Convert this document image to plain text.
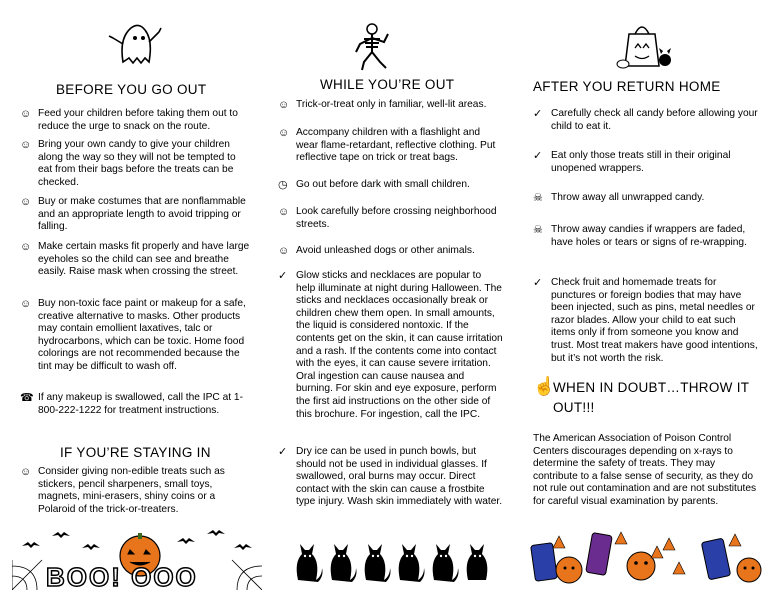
BEFORE YOU GO OUT
☺ Feed your children before taking them out to reduce the urge to snack on the route.
☺ Bring your own candy to give your children along the way so they will not be tempted to eat from their bags before the treats can be checked.
☺ Buy or make costumes that are nonflammable and an appropriate length to avoid tripping or falling.
☺ Make certain masks fit properly and have large eyeholes so the child can see and breathe easily. Raise mask when crossing the street.
☺ Buy non-toxic face paint or makeup for a safe, creative alternative to masks. Other products may contain emollient laxatives, talc or hydrocarbons, which can be toxic. Home food colorings are not recommended because the tint may be difficult to wash off.
☎ If any makeup is swallowed, call the IPC at 1-800-222-1222 for treatment instructions.
IF YOU’RE STAYING IN
☺ Consider giving non-edible treats such as stickers, pencil sharpeners, small toys, magnets, mini-erasers, shiny coins or a Polaroid of the trick-or-treaters.
BOO! OOO
WHILE YOU’RE OUT
☺ Trick-or-treat only in familiar, well-lit areas.
☺ Accompany children with a flashlight and wear flame-retardant, reflective clothing. Put reflective tape on trick or treat bags.
◷ Go out before dark with small children.
☺ Look carefully before crossing neighborhood streets.
☺ Avoid unleashed dogs or other animals.
✓ Glow sticks and necklaces are popular to help illuminate at night during Halloween. The sticks and necklaces occasionally break or children chew them open. In small amounts, the liquid is considered nontoxic. If the contents get on the skin, it can cause irritation and a rash. If the contents come into contact with the eyes, it can cause severe irritation. Oral ingestion can cause nausea and burning. For skin and eye exposure, perform the first aid instructions on the other side of this brochure. For ingestion, call the IPC.
✓ Dry ice can be used in punch bowls, but should not be used in individual glasses. If swallowed, oral burns may occur. Direct contact with the skin can cause a frostbite type injury. Wash skin immediately with water.
AFTER YOU RETURN HOME
✓ Carefully check all candy before allowing your child to eat it.
✓ Eat only those treats still in their original unopened wrappers.
☠ Throw away all unwrapped candy.
☠ Throw away candies if wrappers are faded, have holes or tears or signs of re-wrapping.
✓ Check fruit and homemade treats for punctures or foreign bodies that may have been injected, such as pins, metal needles or razor blades. Allow your child to eat such items only if from someone you know and trust. Most treat makers have good intentions, but it’s not worth the risk.
☝
WHEN IN DOUBT…THROW IT OUT!!!
The American Association of Poison Control Centers discourages depending on x-rays to determine the safety of treats. They may contribute to a false sense of security, as they do not rule out contamination and are not substitutes for careful visual examination by parents.
